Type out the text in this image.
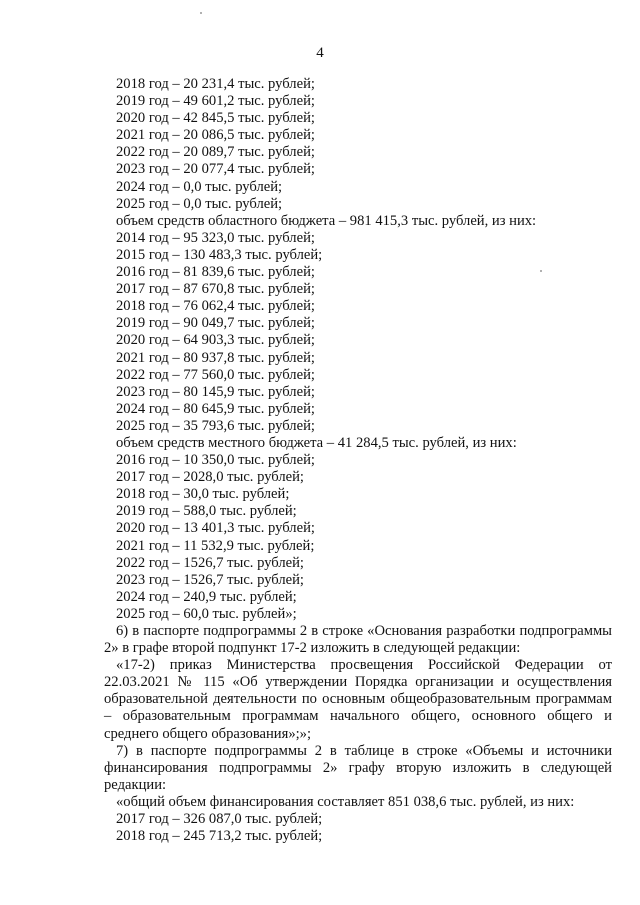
4
2018 год – 20 231,4 тыс. рублей;
2019 год – 49 601,2 тыс. рублей;
2020 год – 42 845,5 тыс. рублей;
2021 год – 20 086,5 тыс. рублей;
2022 год – 20 089,7 тыс. рублей;
2023 год – 20 077,4 тыс. рублей;
2024 год – 0,0 тыс. рублей;
2025 год – 0,0 тыс. рублей;
объем средств областного бюджета – 981 415,3 тыс. рублей, из них:
2014 год – 95 323,0 тыс. рублей;
2015 год – 130 483,3 тыс. рублей;
2016 год – 81 839,6 тыс. рублей;
2017 год – 87 670,8 тыс. рублей;
2018 год – 76 062,4 тыс. рублей;
2019 год – 90 049,7 тыс. рублей;
2020 год – 64 903,3 тыс. рублей;
2021 год – 80 937,8 тыс. рублей;
2022 год – 77 560,0 тыс. рублей;
2023 год – 80 145,9 тыс. рублей;
2024 год – 80 645,9 тыс. рублей;
2025 год – 35 793,6 тыс. рублей;
объем средств местного бюджета – 41 284,5 тыс. рублей, из них:
2016 год – 10 350,0 тыс. рублей;
2017 год – 2028,0 тыс. рублей;
2018 год – 30,0 тыс. рублей;
2019 год – 588,0 тыс. рублей;
2020 год – 13 401,3 тыс. рублей;
2021 год – 11 532,9 тыс. рублей;
2022 год – 1526,7 тыс. рублей;
2023 год – 1526,7 тыс. рублей;
2024 год – 240,9 тыс. рублей;
2025 год – 60,0 тыс. рублей»;
6) в паспорте подпрограммы 2 в строке «Основания разработки подпрограммы 2» в графе второй подпункт 17-2 изложить в следующей редакции:
«17-2) приказ Министерства просвещения Российской Федерации от 22.03.2021 № 115 «Об утверждении Порядка организации и осуществления образовательной деятельности по основным общеобразовательным программам – образовательным программам начального общего, основного общего и среднего общего образования»;»;
7) в паспорте подпрограммы 2 в таблице в строке «Объемы и источники финансирования подпрограммы 2» графу вторую изложить в следующей редакции:
«общий объем финансирования составляет 851 038,6 тыс. рублей, из них:
2017 год – 326 087,0 тыс. рублей;
2018 год – 245 713,2 тыс. рублей;
